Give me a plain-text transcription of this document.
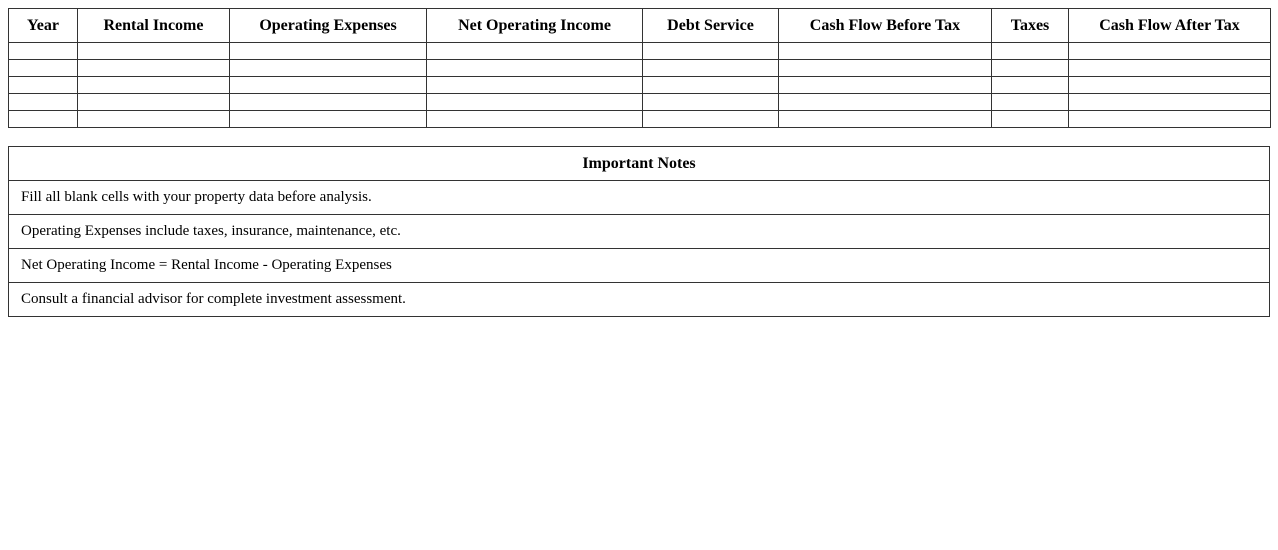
Year	Rental Income	Operating Expenses	Net Operating Income	Debt Service	Cash Flow Before Tax	Taxes	Cash Flow After Tax

Important Notes
Fill all blank cells with your property data before analysis.
Operating Expenses include taxes, insurance, maintenance, etc.
Net Operating Income = Rental Income - Operating Expenses
Consult a financial advisor for complete investment assessment.
